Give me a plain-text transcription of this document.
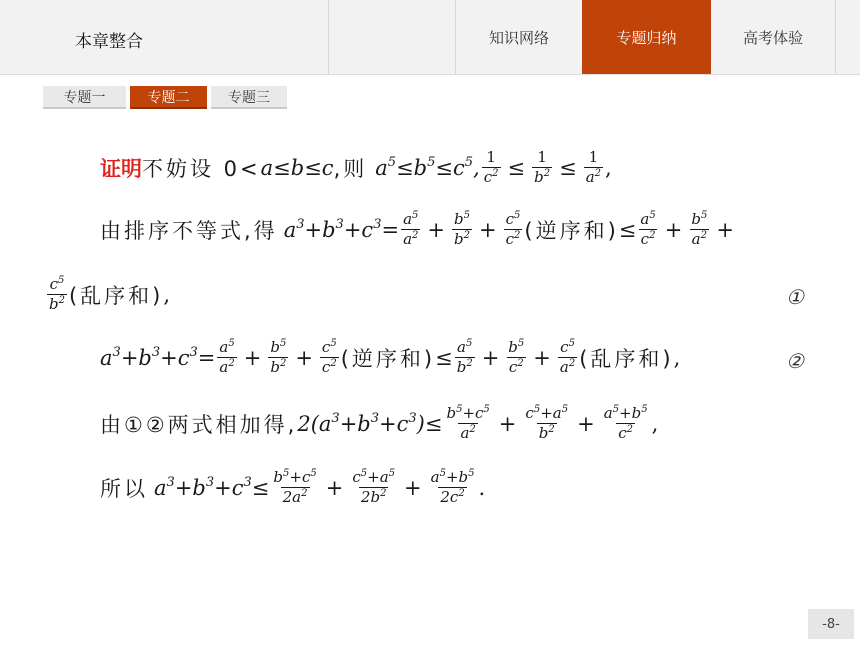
本章整合	知识网络	专题归纳	高考体验
专题一	专题二	专题三
证明 不妨设 0< a≤b≤c ,则 $a^5\le b^5\le c^5$, $\frac{1}{c^2} \le \frac{1}{b^2} \le \frac{1}{a^2}$ ,
由排序不等式,得 $a^3+b^3+c^3= \frac{a^5}{a^2} + \frac{b^5}{b^2} + \frac{c^5}{c^2}$ (逆序和) ≤ $\frac{a^5}{c^2} + \frac{b^5}{a^2}$ +
$\frac{c^5}{b^2}$ (乱序和) ,	①
$a^3+b^3+c^3= \frac{a^5}{a^2} + \frac{b^5}{b^2} + \frac{c^5}{c^2}$ (逆序和) ≤ $\frac{a^5}{b^2} + \frac{b^5}{c^2} + \frac{c^5}{a^2}$ (乱序和) ,	②
由①②两式相加得, $2(a^3+b^3+c^3)\le \frac{b^5+c^5}{a^2} + \frac{c^5+a^5}{b^2} + \frac{a^5+b^5}{c^2}$ ,
所以 $a^3+b^3+c^3\le \frac{b^5+c^5}{2a^2} + \frac{c^5+a^5}{2b^2} + \frac{a^5+b^5}{2c^2}$ .
-8-
